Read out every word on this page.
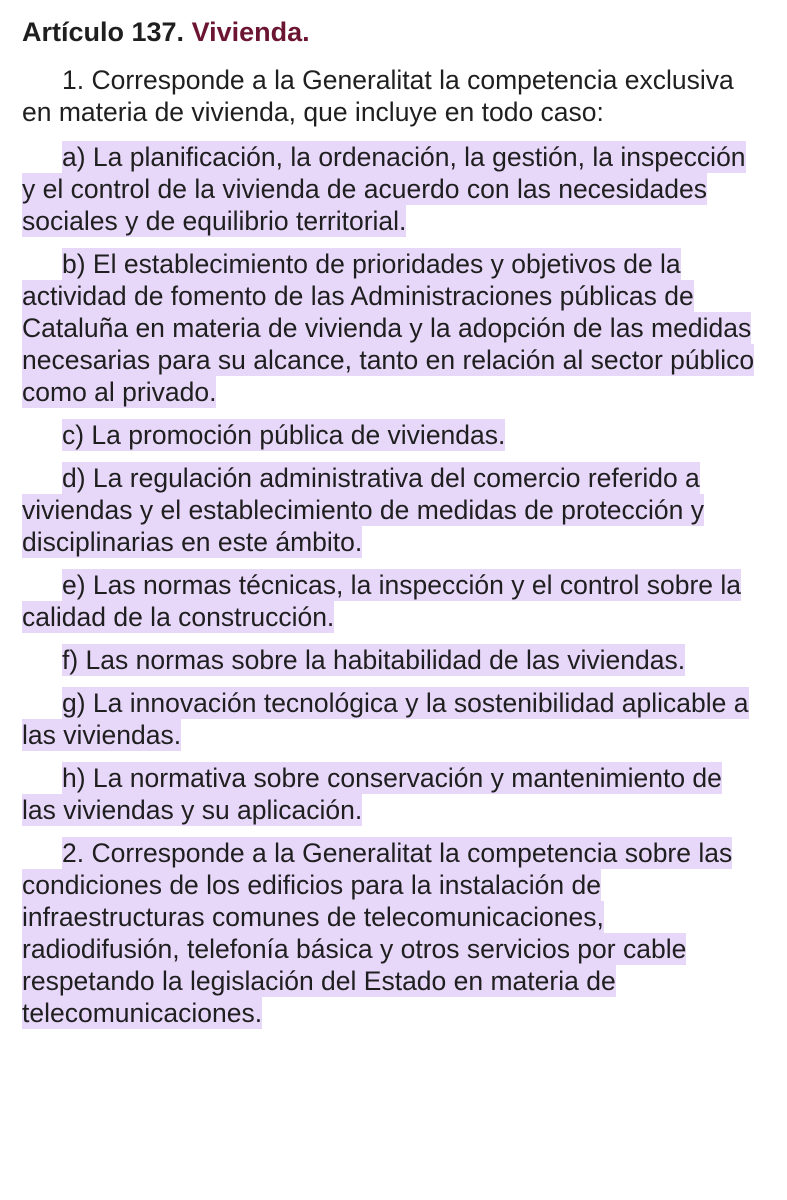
Artículo 137. Vivienda.
1. Corresponde a la Generalitat la competencia exclusiva en materia de vivienda, que incluye en todo caso:
a) La planificación, la ordenación, la gestión, la inspección y el control de la vivienda de acuerdo con las necesidades sociales y de equilibrio territorial.
b) El establecimiento de prioridades y objetivos de la actividad de fomento de las Administraciones públicas de Cataluña en materia de vivienda y la adopción de las medidas necesarias para su alcance, tanto en relación al sector público como al privado.
c) La promoción pública de viviendas.
d) La regulación administrativa del comercio referido a viviendas y el establecimiento de medidas de protección y disciplinarias en este ámbito.
e) Las normas técnicas, la inspección y el control sobre la calidad de la construcción.
f) Las normas sobre la habitabilidad de las viviendas.
g) La innovación tecnológica y la sostenibilidad aplicable a las viviendas.
h) La normativa sobre conservación y mantenimiento de las viviendas y su aplicación.
2. Corresponde a la Generalitat la competencia sobre las condiciones de los edificios para la instalación de infraestructuras comunes de telecomunicaciones, radiodifusión, telefonía básica y otros servicios por cable respetando la legislación del Estado en materia de telecomunicaciones.
